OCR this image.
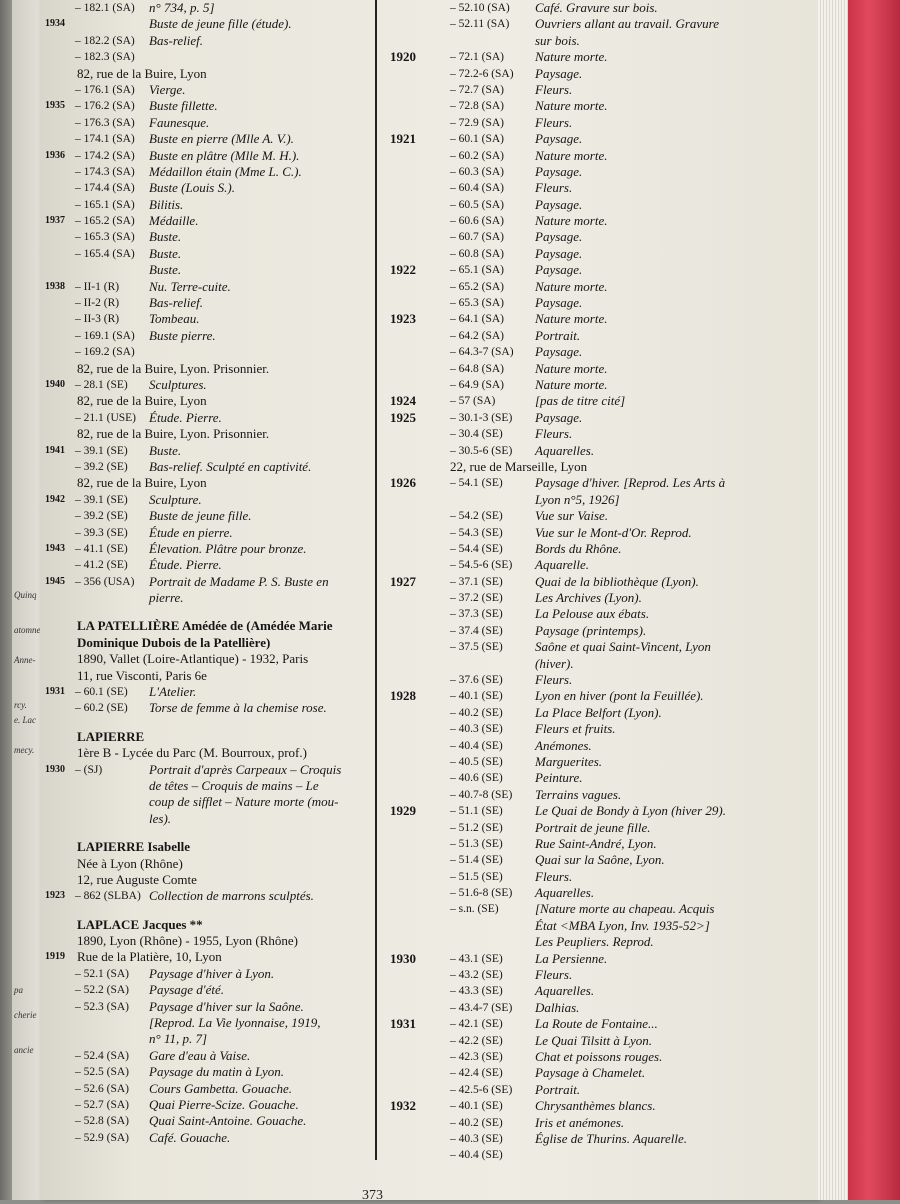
Quinq
atomne
Anne-
rcy.
e. Lac
mecy.
pa
cherie
ancie
– 182.1 (SA) n° 734, p. 5]
1934	Buste de jeune fille (étude).
– 182.2 (SA) Bas-relief.
– 182.3 (SA)
82, rue de la Buire, Lyon
– 176.1 (SA) Vierge.
1935 – 176.2 (SA) Buste fillette.
– 176.3 (SA) Faunesque.
– 174.1 (SA) Buste en pierre (Mlle A. V.).
1936 – 174.2 (SA) Buste en plâtre (Mlle M. H.).
– 174.3 (SA) Médaillon étain (Mme L. C.).
– 174.4 (SA) Buste (Louis S.).
– 165.1 (SA) Bilitis.
1937 – 165.2 (SA) Médaille.
– 165.3 (SA) Buste.
– 165.4 (SA) Buste.
Buste.
1938 – II-1 (R) Nu. Terre-cuite.
– II-2 (R) Bas-relief.
– II-3 (R) Tombeau.
– 169.1 (SA) Buste pierre.
– 169.2 (SA)
82, rue de la Buire, Lyon. Prisonnier.
1940 – 28.1 (SE) Sculptures.
82, rue de la Buire, Lyon
– 21.1 (USE) Étude. Pierre.
82, rue de la Buire, Lyon. Prisonnier.
1941 – 39.1 (SE) Buste.
– 39.2 (SE) Bas-relief. Sculpté en captivité.
82, rue de la Buire, Lyon
1942 – 39.1 (SE) Sculpture.
– 39.2 (SE) Buste de jeune fille.
– 39.3 (SE) Étude en pierre.
1943 – 41.1 (SE) Élevation. Plâtre pour bronze.
– 41.2 (SE) Étude. Pierre.
1945 – 356 (USA) Portrait de Madame P. S. Buste en
pierre.
LA PATELLIÈRE Amédée de (Amédée Marie
Dominique Dubois de la Patellière)
1890, Vallet (Loire-Atlantique) - 1932, Paris
11, rue Visconti, Paris 6e
1931 – 60.1 (SE) L'Atelier.
– 60.2 (SE) Torse de femme à la chemise rose.
LAPIERRE
1ère B - Lycée du Parc (M. Bourroux, prof.)
1930 – (SJ)	Portrait d'après Carpeaux – Croquis
de têtes – Croquis de mains – Le
coup de sifflet – Nature morte (mou-
les).
LAPIERRE Isabelle
Née à Lyon (Rhône)
12, rue Auguste Comte
1923 – 862 (SLBA) Collection de marrons sculptés.
LAPLACE Jacques **
1890, Lyon (Rhône) - 1955, Lyon (Rhône)
1919 Rue de la Platière, 10, Lyon
– 52.1 (SA) Paysage d'hiver à Lyon.
– 52.2 (SA) Paysage d'été.
– 52.3 (SA) Paysage d'hiver sur la Saône.
[Reprod. La Vie lyonnaise, 1919,
n° 11, p. 7]
– 52.4 (SA) Gare d'eau à Vaise.
– 52.5 (SA) Paysage du matin à Lyon.
– 52.6 (SA) Cours Gambetta. Gouache.
– 52.7 (SA) Quai Pierre-Scize. Gouache.
– 52.8 (SA) Quai Saint-Antoine. Gouache.
– 52.9 (SA) Café. Gouache.
– 52.10 (SA) Café. Gravure sur bois.
– 52.11 (SA) Ouvriers allant au travail. Gravure
sur bois.
1920	– 72.1 (SA) Nature morte.
– 72.2-6 (SA) Paysage.
– 72.7 (SA) Fleurs.
– 72.8 (SA) Nature morte.
– 72.9 (SA) Fleurs.
1921	– 60.1 (SA) Paysage.
– 60.2 (SA) Nature morte.
– 60.3 (SA) Paysage.
– 60.4 (SA) Fleurs.
– 60.5 (SA) Paysage.
– 60.6 (SA) Nature morte.
– 60.7 (SA) Paysage.
– 60.8 (SA) Paysage.
1922	– 65.1 (SA) Paysage.
– 65.2 (SA) Nature morte.
– 65.3 (SA) Paysage.
1923	– 64.1 (SA) Nature morte.
– 64.2 (SA) Portrait.
– 64.3-7 (SA) Paysage.
– 64.8 (SA) Nature morte.
– 64.9 (SA) Nature morte.
1924	– 57 (SA)	[pas de titre cité]
1925	– 30.1-3 (SE) Paysage.
– 30.4 (SE) Fleurs.
– 30.5-6 (SE) Aquarelles.
22, rue de Marseille, Lyon
1926	– 54.1 (SE) Paysage d'hiver. [Reprod. Les Arts à
Lyon n°5, 1926]
– 54.2 (SE) Vue sur Vaise.
– 54.3 (SE) Vue sur le Mont-d'Or. Reprod.
– 54.4 (SE) Bords du Rhône.
– 54.5-6 (SE) Aquarelle.
1927	– 37.1 (SE) Quai de la bibliothèque (Lyon).
– 37.2 (SE) Les Archives (Lyon).
– 37.3 (SE) La Pelouse aux ébats.
– 37.4 (SE) Paysage (printemps).
– 37.5 (SE) Saône et quai Saint-Vincent, Lyon
(hiver).
– 37.6 (SE) Fleurs.
1928	– 40.1 (SE) Lyon en hiver (pont la Feuillée).
– 40.2 (SE) La Place Belfort (Lyon).
– 40.3 (SE) Fleurs et fruits.
– 40.4 (SE) Anémones.
– 40.5 (SE) Marguerites.
– 40.6 (SE) Peinture.
– 40.7-8 (SE) Terrains vagues.
1929	– 51.1 (SE) Le Quai de Bondy à Lyon (hiver 29).
– 51.2 (SE) Portrait de jeune fille.
– 51.3 (SE) Rue Saint-André, Lyon.
– 51.4 (SE) Quai sur la Saône, Lyon.
– 51.5 (SE) Fleurs.
– 51.6-8 (SE) Aquarelles.
– s.n. (SE)	[Nature morte au chapeau. Acquis
État <MBA Lyon, Inv. 1935-52>]
Les Peupliers. Reprod.
1930	– 43.1 (SE) La Persienne.
– 43.2 (SE) Fleurs.
– 43.3 (SE) Aquarelles.
– 43.4-7 (SE) Dalhias.
1931	– 42.1 (SE) La Route de Fontaine...
– 42.2 (SE) Le Quai Tilsitt à Lyon.
– 42.3 (SE) Chat et poissons rouges.
– 42.4 (SE) Paysage à Chamelet.
– 42.5-6 (SE) Portrait.
1932	– 40.1 (SE) Chrysanthèmes blancs.
– 40.2 (SE) Iris et anémones.
– 40.3 (SE) Église de Thurins. Aquarelle.
– 40.4 (SE)
373
